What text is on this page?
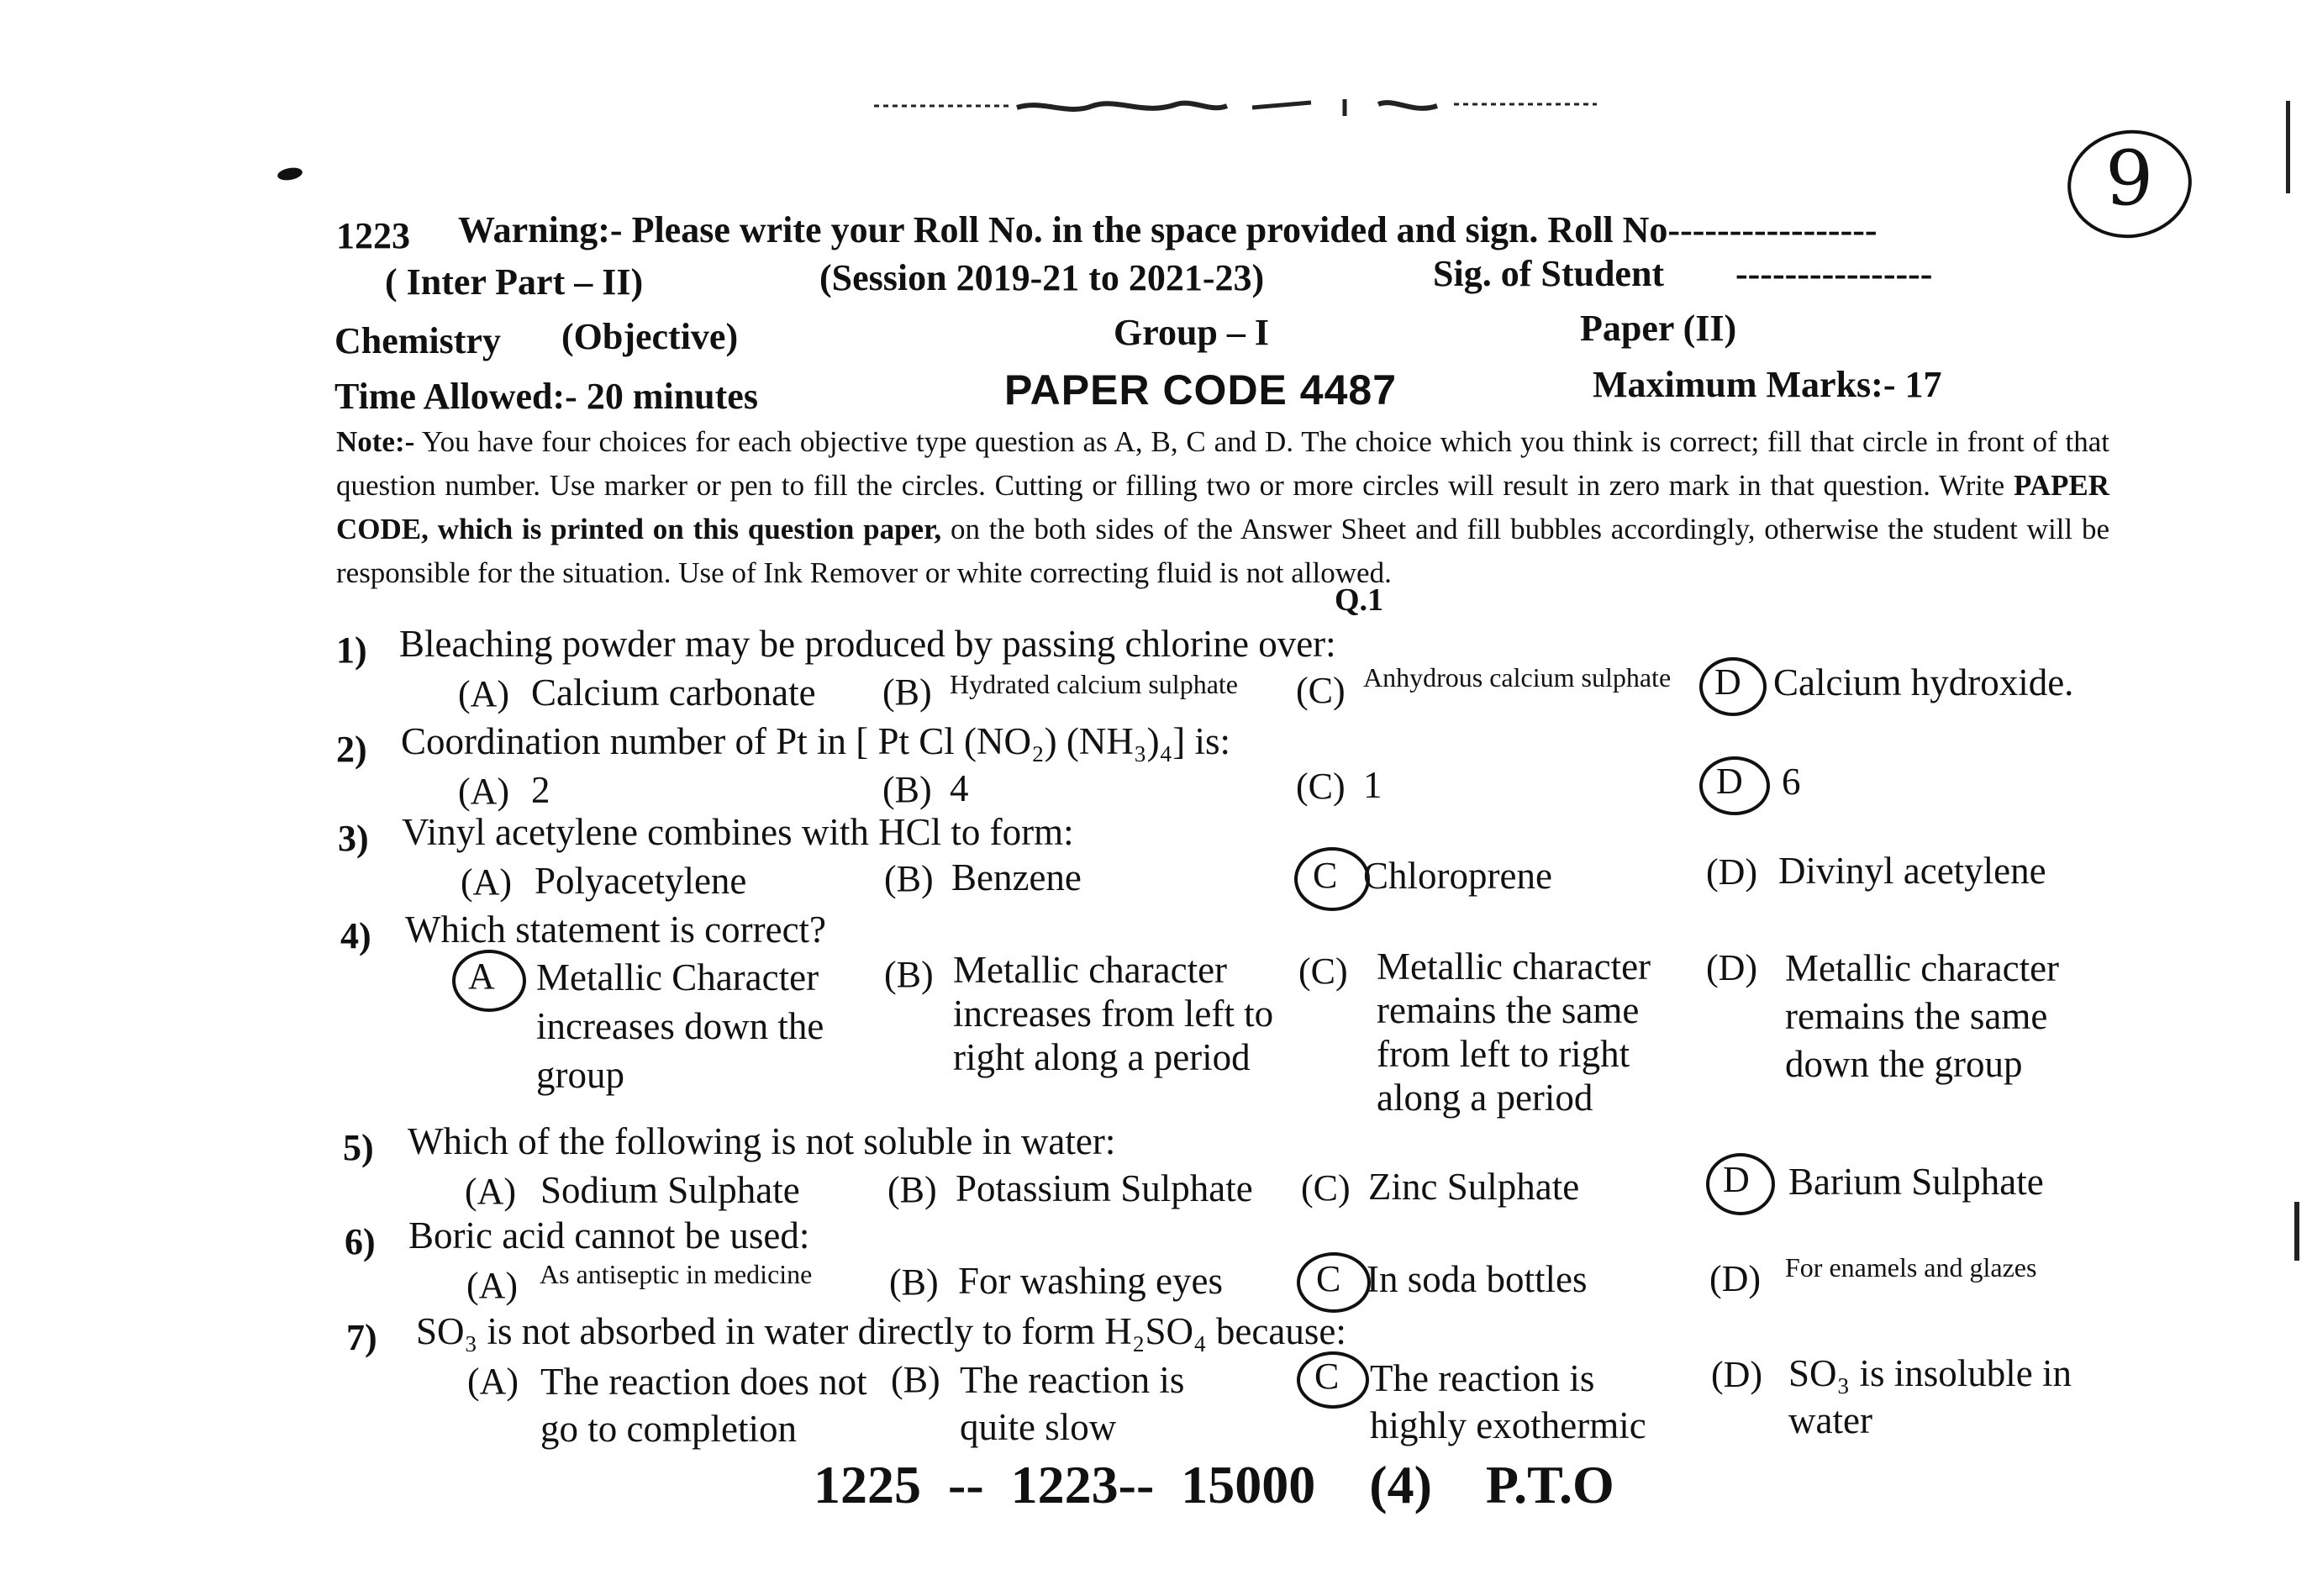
9
1223 Warning:- Please write your Roll No. in the space provided and sign. Roll No-----------------
( Inter Part – II)	(Session 2019-21 to 2021-23)	Sig. of Student ----------------
Chemistry (Objective)	Group – I	Paper (II)
Time Allowed:- 20 minutes	PAPER CODE 4487	Maximum Marks:- 17
Note:- You have four choices for each objective type question as A, B, C and D. The choice which you think is correct; fill that circle in front of that question number. Use marker or pen to fill the circles. Cutting or filling two or more circles will result in zero mark in that question. Write PAPER CODE, which is printed on this question paper, on the both sides of the Answer Sheet and fill bubbles accordingly, otherwise the student will be responsible for the situation. Use of Ink Remover or white correcting fluid is not allowed.
Q.1
1) Bleaching powder may be produced by passing chlorine over:
(A) Calcium carbonate (B) Hydrated calcium sulphate (C) Anhydrous calcium sulphate D Calcium hydroxide.
2) Coordination number of Pt in [ Pt Cl (NO₂) (NH₃)₄] is:
(A) 2	(B) 4	(C) 1	D 6
3) Vinyl acetylene combines with HCl to form:
(A) Polyacetylene	(B) Benzene	C Chloroprene	(D) Divinyl acetylene
4) Which statement is correct?
A Metallic Character increases down the group
(B) Metallic character increases from left to right along a period
(C) Metallic character remains the same from left to right along a period
(D) Metallic character remains the same down the group
5) Which of the following is not soluble in water:
(A) Sodium Sulphate (B) Potassium Sulphate (C) Zinc Sulphate	D Barium Sulphate
6) Boric acid cannot be used:
(A) As antiseptic in medicine (B) For washing eyes	C In soda bottles	(D) For enamels and glazes
7) SO₃ is not absorbed in water directly to form H₂SO₄ because:
(A) The reaction does not go to completion
(B) The reaction is quite slow
C The reaction is highly exothermic
(D) SO₃ is insoluble in water
1225  --  1223--  15000    (4)    P.T.O
